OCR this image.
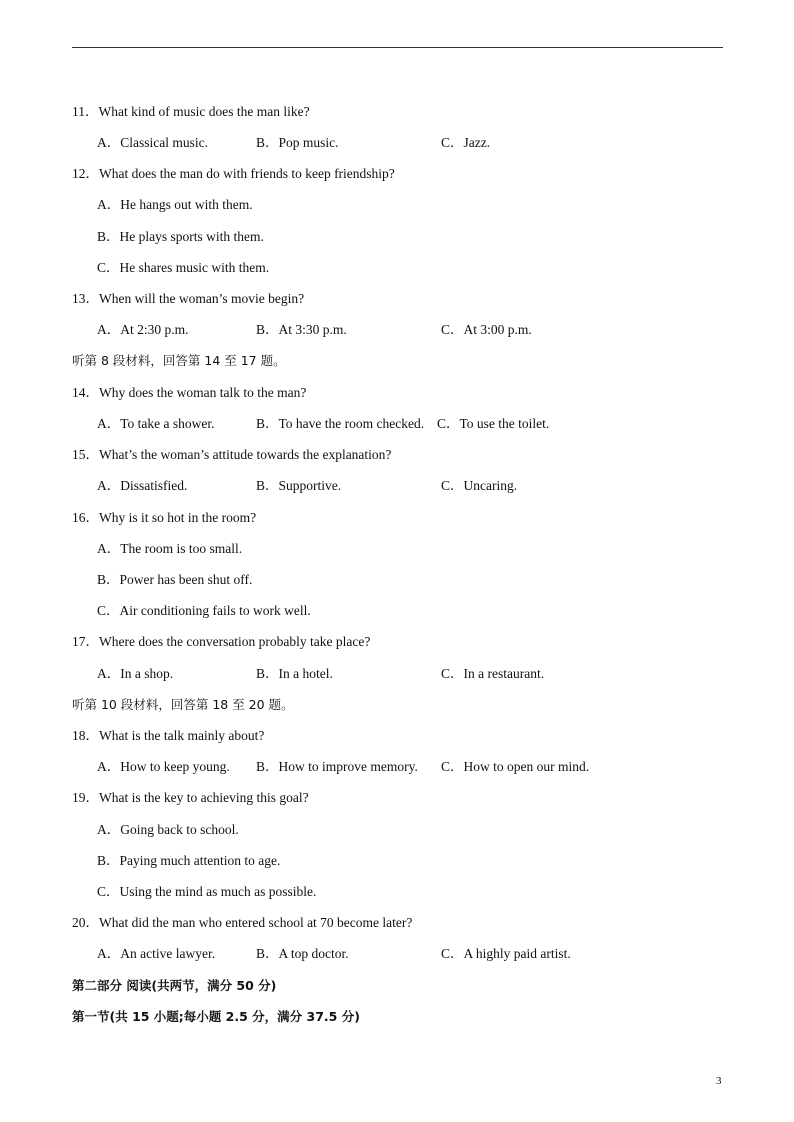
11．What kind of music does the man like?
A．Classical music.	B．Pop music.	C．Jazz.
12．What does the man do with friends to keep friendship?
A．He hangs out with them.
B．He plays sports with them.
C．He shares music with them.
13．When will the woman’s movie begin?
A．At 2:30 p.m.	B．At 3:30 p.m.	C．At 3:00 p.m.
听第 8 段材料，回答第 14 至 17 题。
14．Why does the woman talk to the man?
A．To take a shower.	B．To have the room checked. C．To use the toilet.
15．What’s the woman’s attitude towards the explanation?
A．Dissatisfied.	B．Supportive.	C．Uncaring.
16．Why is it so hot in the room?
A．The room is too small.
B．Power has been shut off.
C．Air conditioning fails to work well.
17．Where does the conversation probably take place?
A．In a shop.	B．In a hotel.	C．In a restaurant.
听第 10 段材料，回答第 18 至 20 题。
18．What is the talk mainly about?
A．How to keep young. B．How to improve memory. C．How to open our mind.
19．What is the key to achieving this goal?
A．Going back to school.
B．Paying much attention to age.
C．Using the mind as much as possible.
20．What did the man who entered school at 70 become later?
A．An active lawyer.	B．A top doctor.	C．A highly paid artist.
第二部分 阅读(共两节，满分 50 分)
第一节(共 15 小题;每小题 2.5 分，满分 37.5 分)
3
